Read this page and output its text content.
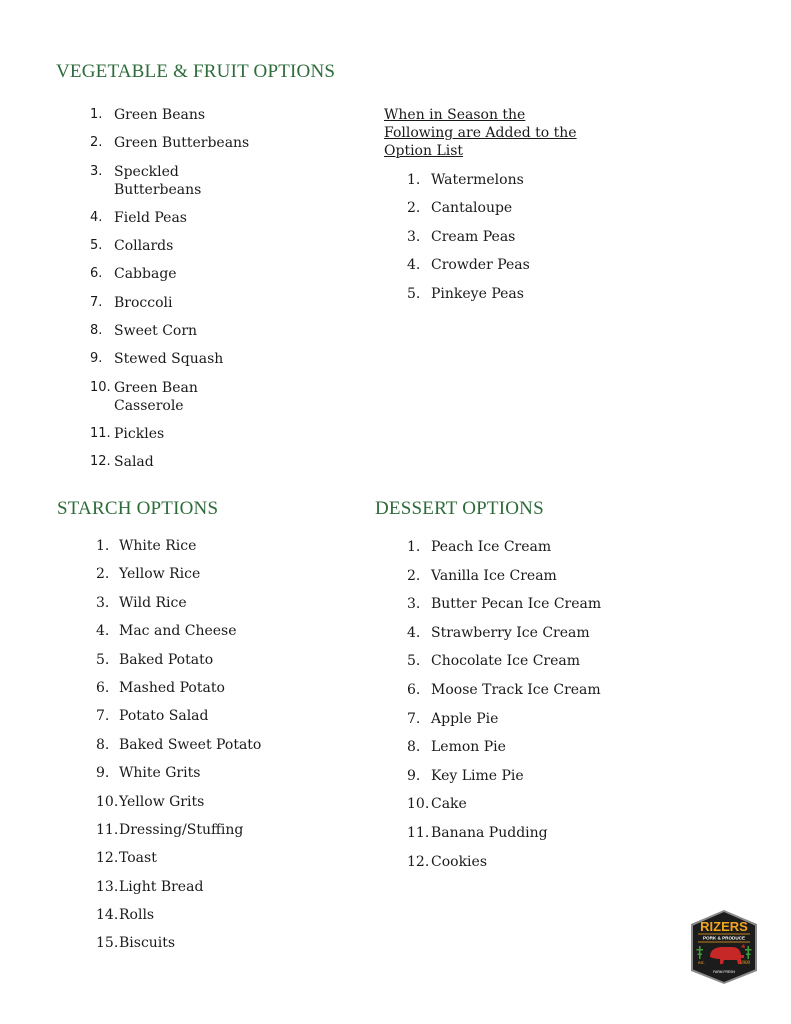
VEGETABLE & FRUIT OPTIONS
1. Green Beans
2. Green Butterbeans
3. Speckled Butterbeans
4. Field Peas
5. Collards
6. Cabbage
7. Broccoli
8. Sweet Corn
9. Stewed Squash
10. Green Bean Casserole
11. Pickles
12. Salad
When in Season the Following are Added to the Option List
1. Watermelons
2. Cantaloupe
3. Cream Peas
4. Crowder Peas
5. Pinkeye Peas
STARCH OPTIONS
1. White Rice
2. Yellow Rice
3. Wild Rice
4. Mac and Cheese
5. Baked Potato
6. Mashed Potato
7. Potato Salad
8. Baked Sweet Potato
9. White Grits
10. Yellow Grits
11. Dressing/Stuffing
12. Toast
13. Light Bread
14. Rolls
15. Biscuits
DESSERT OPTIONS
1. Peach Ice Cream
2. Vanilla Ice Cream
3. Butter Pecan Ice Cream
4. Strawberry Ice Cream
5. Chocolate Ice Cream
6. Moose Track Ice Cream
7. Apple Pie
8. Lemon Pie
9. Key Lime Pie
10. Cake
11. Banana Pudding
12. Cookies
RIZERS
PORK & PRODUCE
est.	2000
FARM FRESH
